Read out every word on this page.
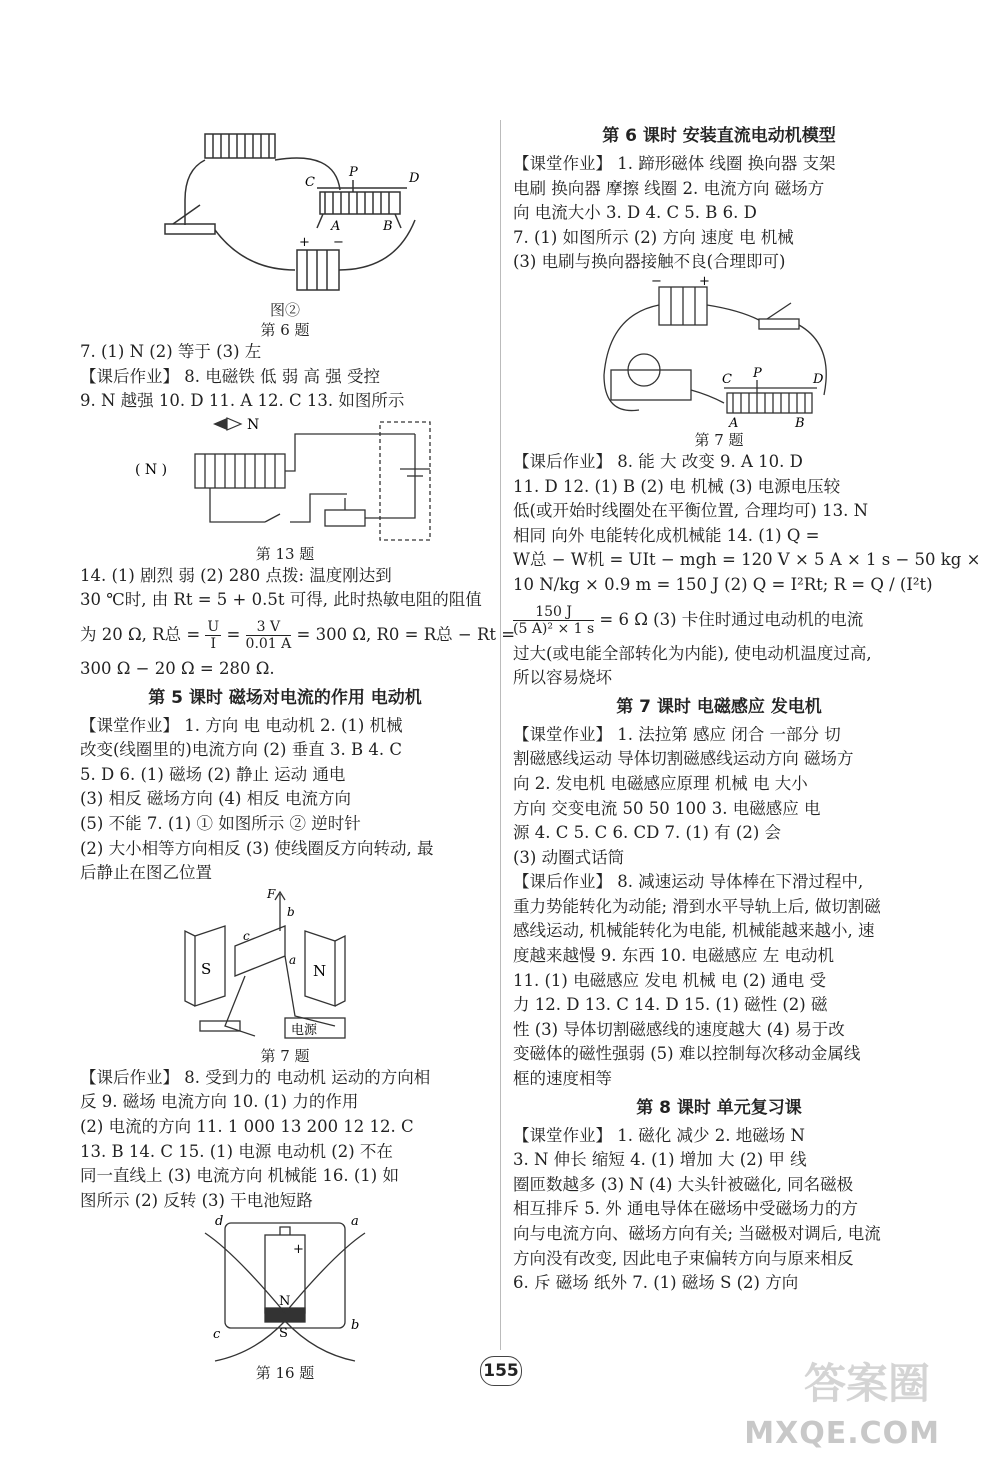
C
P	D
A	B
+ −
图②
第 6 题
7. (1) N (2) 等于 (3) 左
【课后作业】 8. 电磁铁 低 弱 高 强 受控
9. N 越强 10. D 11. A 12. C 13. 如图所示
N
( N )
第 13 题
14. (1) 剧烈 弱 (2) 280 点拨: 温度刚达到
30 ℃时, 由 Rt = 5 + 0.5t 可得, 此时热敏电阻的阻值
为 20 Ω, R总 = $\frac{U}{I} = \frac{3 V}{0.01 A} = 300$ Ω, R0 = R总 − Rt =
300 Ω − 20 Ω = 280 Ω.
第 5 课时 磁场对电流的作用 电动机
【课堂作业】 1. 方向 电 电动机 2. (1) 机械
改变(线圈里的)电流方向 (2) 垂直 3. B 4. C
5. D 6. (1) 磁场 (2) 静止 运动 通电
(3) 相反 磁场方向 (4) 相反 电流方向
(5) 不能 7. (1) ① 如图所示 ② 逆时针
(2) 大小相等方向相反 (3) 使线圈反方向转动, 最
后静止在图乙位置
S	N
电源
F
b
c
a
第 7 题
【课后作业】 8. 受到力的 电动机 运动的方向相
反 9. 磁场 电流方向 10. (1) 力的作用
(2) 电流的方向 11. 1 000 13 200 12 12. C
13. B 14. C 15. (1) 电源 电动机 (2) 不在
同一直线上 (3) 电流方向 机械能 16. (1) 如
图所示 (2) 反转 (3) 干电池短路
d	a
c
b
N
S
+
第 16 题
第 6 课时 安装直流电动机模型
【课堂作业】 1. 蹄形磁体 线圈 换向器 支架
电刷 换向器 摩擦 线圈 2. 电流方向 磁场方
向 电流大小 3. D 4. C 5. B 6. D
7. (1) 如图所示 (2) 方向 速度 电 机械
(3) 电刷与换向器接触不良(合理即可)
C P	D
A	B
−	+
第 7 题
【课后作业】 8. 能 大 改变 9. A 10. D
11. D 12. (1) B (2) 电 机械 (3) 电源电压较
低(或开始时线圈处在平衡位置, 合理均可) 13. N
相同 向外 电能转化成机械能 14. (1) Q =
W总 − W机 = UIt − mgh = 120 V × 5 A × 1 s − 50 kg ×
10 N/kg × 0.9 m = 150 J (2) Q = I²Rt; R = Q / (I²t)
$\frac{150 J}{\text{(5 A)² × 1 s}} = 6$ Ω (3) 卡住时通过电动机的电流
过大(或电能全部转化为内能), 使电动机温度过高,
所以容易烧坏
第 7 课时 电磁感应 发电机
【课堂作业】 1. 法拉第 感应 闭合 一部分 切
割磁感线运动 导体切割磁感线运动方向 磁场方
向 2. 发电机 电磁感应原理 机械 电 大小
方向 交变电流 50 50 100 3. 电磁感应 电
源 4. C 5. C 6. CD 7. (1) 有 (2) 会
(3) 动圈式话筒
【课后作业】 8. 减速运动 导体棒在下滑过程中,
重力势能转化为动能; 滑到水平导轨上后, 做切割磁
感线运动, 机械能转化为电能, 机械能越来越小, 速
度越来越慢 9. 东西 10. 电磁感应 左 电动机
11. (1) 电磁感应 发电 机械 电 (2) 通电 受
力 12. D 13. C 14. D 15. (1) 磁性 (2) 磁
性 (3) 导体切割磁感线的速度越大 (4) 易于改
变磁体的磁性强弱 (5) 难以控制每次移动金属线
框的速度相等
第 8 课时 单元复习课
【课堂作业】 1. 磁化 减少 2. 地磁场 N
3. N 伸长 缩短 4. (1) 增加 大 (2) 甲 线
圈匝数越多 (3) N (4) 大头针被磁化, 同名磁极
相互排斥 5. 外 通电导体在磁场中受磁场力的方
向与电流方向、磁场方向有关; 当磁极对调后, 电流
方向没有改变, 因此电子束偏转方向与原来相反
6. 斥 磁场 纸外 7. (1) 磁场 S (2) 方向
155	答案圈
MXQE.COM
